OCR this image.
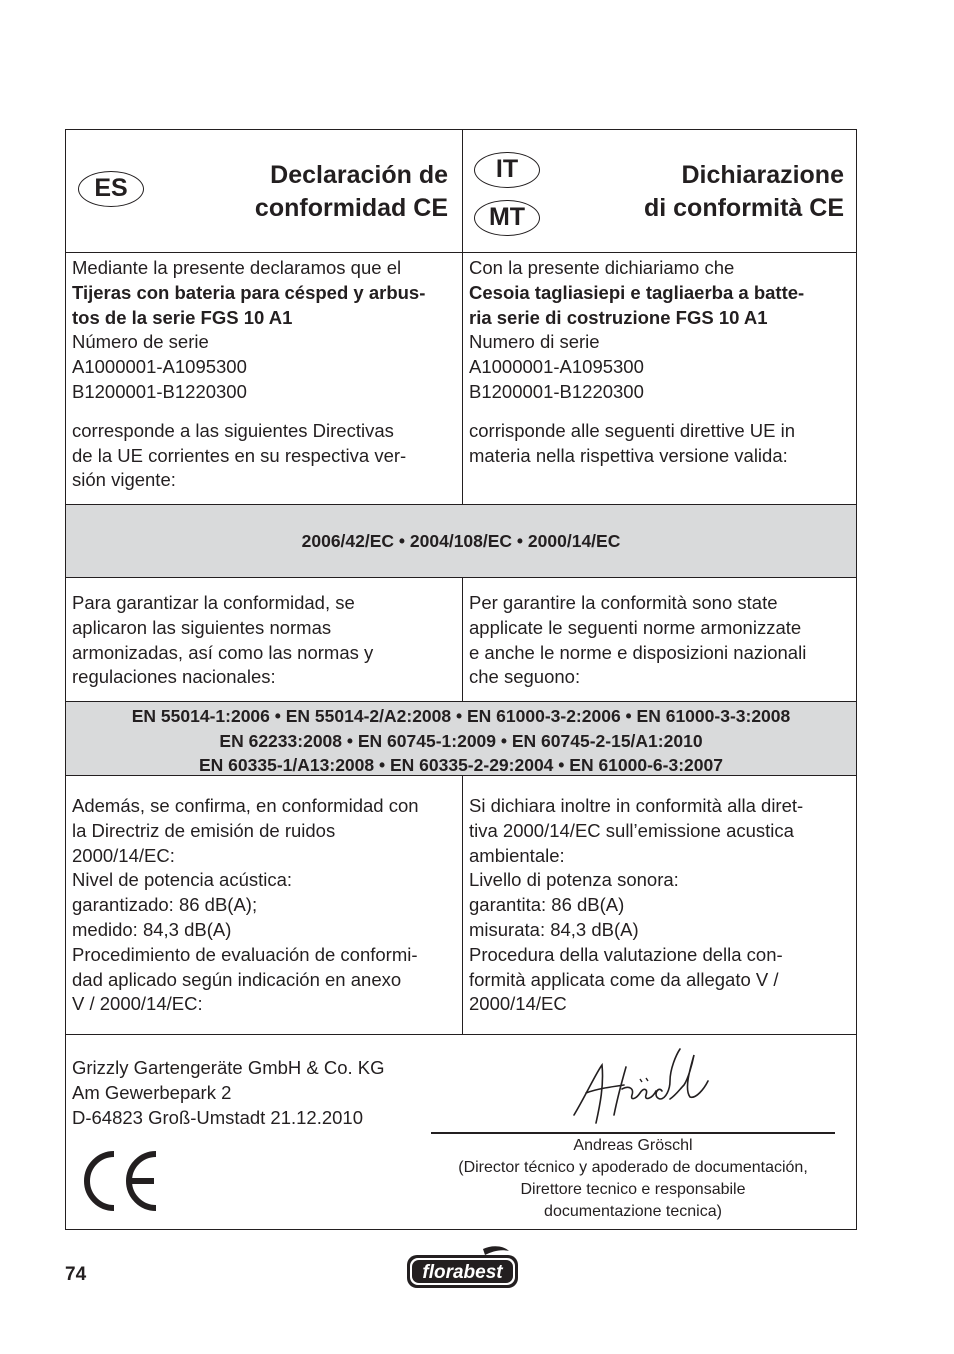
ES	Declaración de
conformidad CE
IT
MT
Dichiarazione
di conformità CE
Mediante la presente declaramos que el
Tijeras con bateria para césped y arbus-
tos de la serie FGS 10 A1
Número de serie
A1000001-A1095300
B1200001-B1220300
corresponde a las siguientes Directivas
de la UE corrientes en su respectiva ver-
sión vigente:
Con la presente dichiariamo che
Cesoia tagliasiepi e tagliaerba a batte-
ria serie di costruzione FGS 10 A1
Numero di serie
A1000001-A1095300
B1200001-B1220300
corrisponde alle seguenti direttive UE in
materia nella rispettiva versione valida:
2006/42/EC • 2004/108/EC • 2000/14/EC
Para garantizar la conformidad, se
aplicaron las siguientes normas
armonizadas, así como las normas y
regulaciones nacionales:
Per garantire la conformità sono state
applicate le seguenti norme armonizzate
e anche le norme e disposizioni nazionali
che seguono:
EN 55014-1:2006 • EN 55014-2/A2:2008 • EN 61000-3-2:2006 • EN 61000-3-3:2008
EN 62233:2008 • EN 60745-1:2009 • EN 60745-2-15/A1:2010
EN 60335-1/A13:2008 • EN 60335-2-29:2004 • EN 61000-6-3:2007
Además, se confirma, en conformidad con
la Directriz de emisión de ruidos
2000/14/EC:
Nivel de potencia acústica:
garantizado: 86 dB(A);
medido: 84,3 dB(A)
Procedimiento de evaluación de conformi-
dad aplicado según indicación en anexo
V / 2000/14/EC:
Si dichiara inoltre in conformità alla diret-
tiva 2000/14/EC sull’emissione acustica
ambientale:
Livello di potenza sonora:
garantita: 86 dB(A)
misurata: 84,3 dB(A)
Procedura della valutazione della con-
formità applicata come da allegato V /
2000/14/EC
Grizzly Gartengeräte GmbH & Co. KG
Am Gewerbepark 2
D-64823 Groß-Umstadt 21.12.2010
Andreas Gröschl
(Director técnico y apoderado de documentación,
Direttore tecnico e responsabile
documentazione tecnica)
74	florabest
